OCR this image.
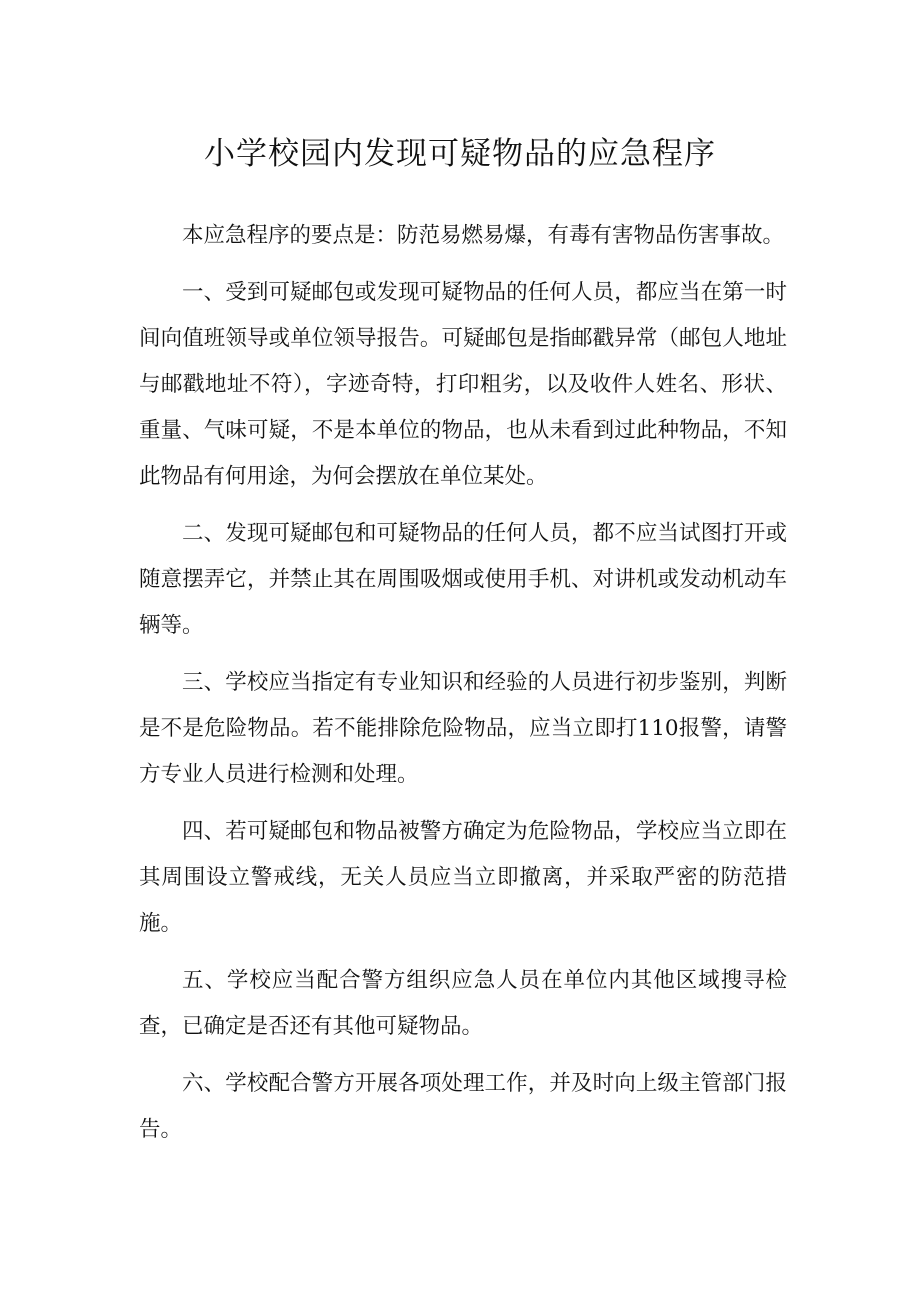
小学校园内发现可疑物品的应急程序

本应急程序的要点是：防范易燃易爆，有毒有害物品伤害事故。

一、受到可疑邮包或发现可疑物品的任何人员，都应当在第一时间向值班领导或单位领导报告。可疑邮包是指邮戳异常（邮包人地址与邮戳地址不符），字迹奇特，打印粗劣，以及收件人姓名、形状、重量、气味可疑，不是本单位的物品，也从未看到过此种物品，不知此物品有何用途，为何会摆放在单位某处。

二、发现可疑邮包和可疑物品的任何人员，都不应当试图打开或随意摆弄它，并禁止其在周围吸烟或使用手机、对讲机或发动机动车辆等。

三、学校应当指定有专业知识和经验的人员进行初步鉴别，判断是不是危险物品。若不能排除危险物品，应当立即打110报警，请警方专业人员进行检测和处理。

四、若可疑邮包和物品被警方确定为危险物品，学校应当立即在其周围设立警戒线，无关人员应当立即撤离，并采取严密的防范措施。

五、学校应当配合警方组织应急人员在单位内其他区域搜寻检查，已确定是否还有其他可疑物品。

六、学校配合警方开展各项处理工作，并及时向上级主管部门报告。
